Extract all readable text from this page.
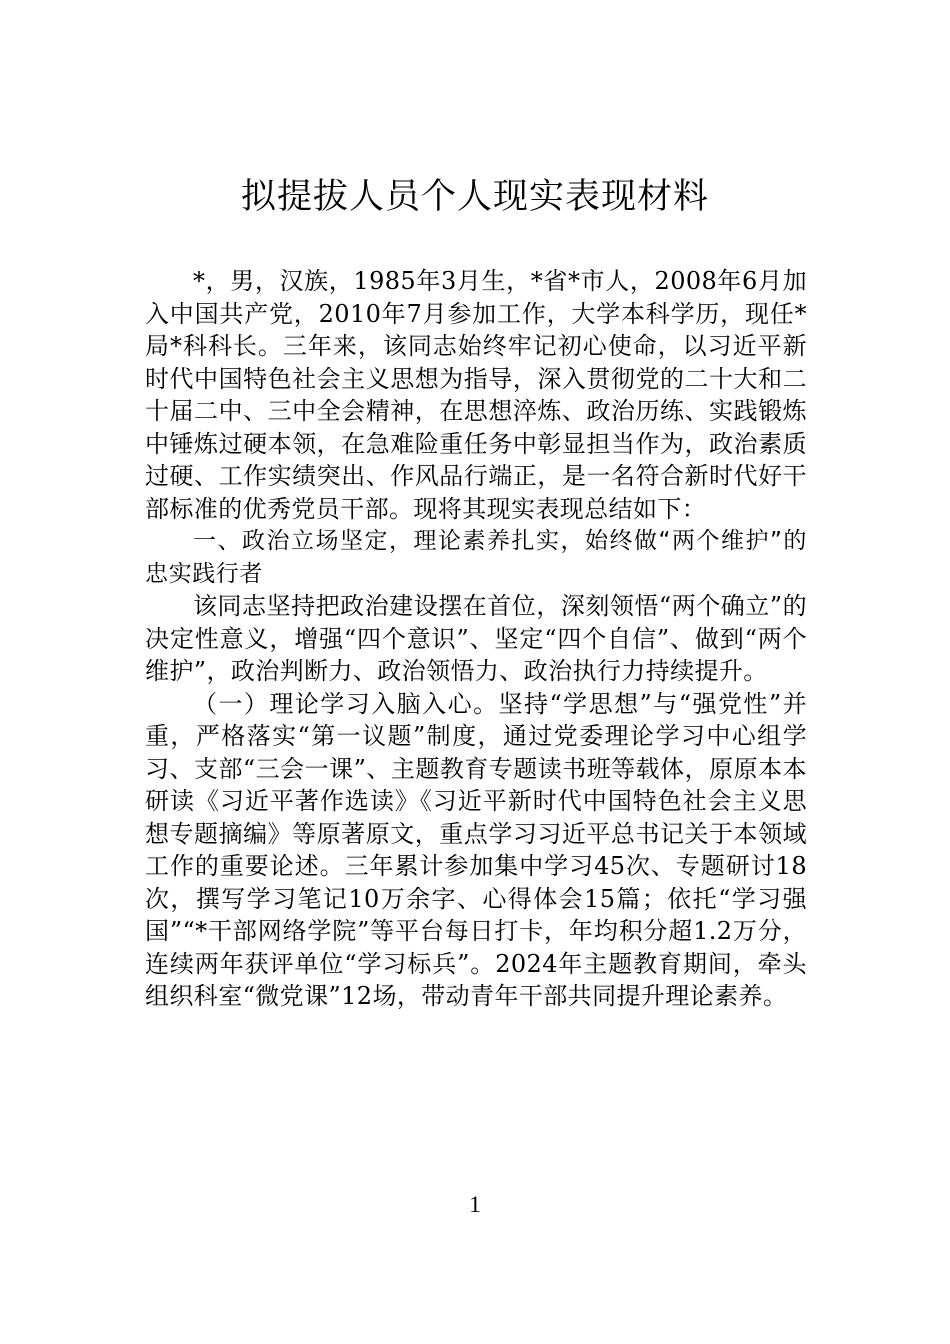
拟提拔人员个人现实表现材料

*，男，汉族，1985年3月生，*省*市人，2008年6月加入中国共产党，2010年7月参加工作，大学本科学历，现任*局*科科长。三年来，该同志始终牢记初心使命，以习近平新时代中国特色社会主义思想为指导，深入贯彻党的二十大和二十届二中、三中全会精神，在思想淬炼、政治历练、实践锻炼中锤炼过硬本领，在急难险重任务中彰显担当作为，政治素质过硬、工作实绩突出、作风品行端正，是一名符合新时代好干部标准的优秀党员干部。现将其现实表现总结如下：

一、政治立场坚定，理论素养扎实，始终做“两个维护”的忠实践行者

该同志坚持把政治建设摆在首位，深刻领悟“两个确立”的决定性意义，增强“四个意识”、坚定“四个自信”、做到“两个维护”，政治判断力、政治领悟力、政治执行力持续提升。

（一）理论学习入脑入心。坚持“学思想”与“强党性”并重，严格落实“第一议题”制度，通过党委理论学习中心组学习、支部“三会一课”、主题教育专题读书班等载体，原原本本研读《习近平著作选读》《习近平新时代中国特色社会主义思想专题摘编》等原著原文，重点学习习近平总书记关于本领域工作的重要论述。三年累计参加集中学习45次、专题研讨18次，撰写学习笔记10万余字、心得体会15篇；依托“学习强国”“*干部网络学院”等平台每日打卡，年均积分超1.2万分，连续两年获评单位“学习标兵”。2024年主题教育期间，牵头组织科室“微党课”12场，带动青年干部共同提升理论素养。

1
